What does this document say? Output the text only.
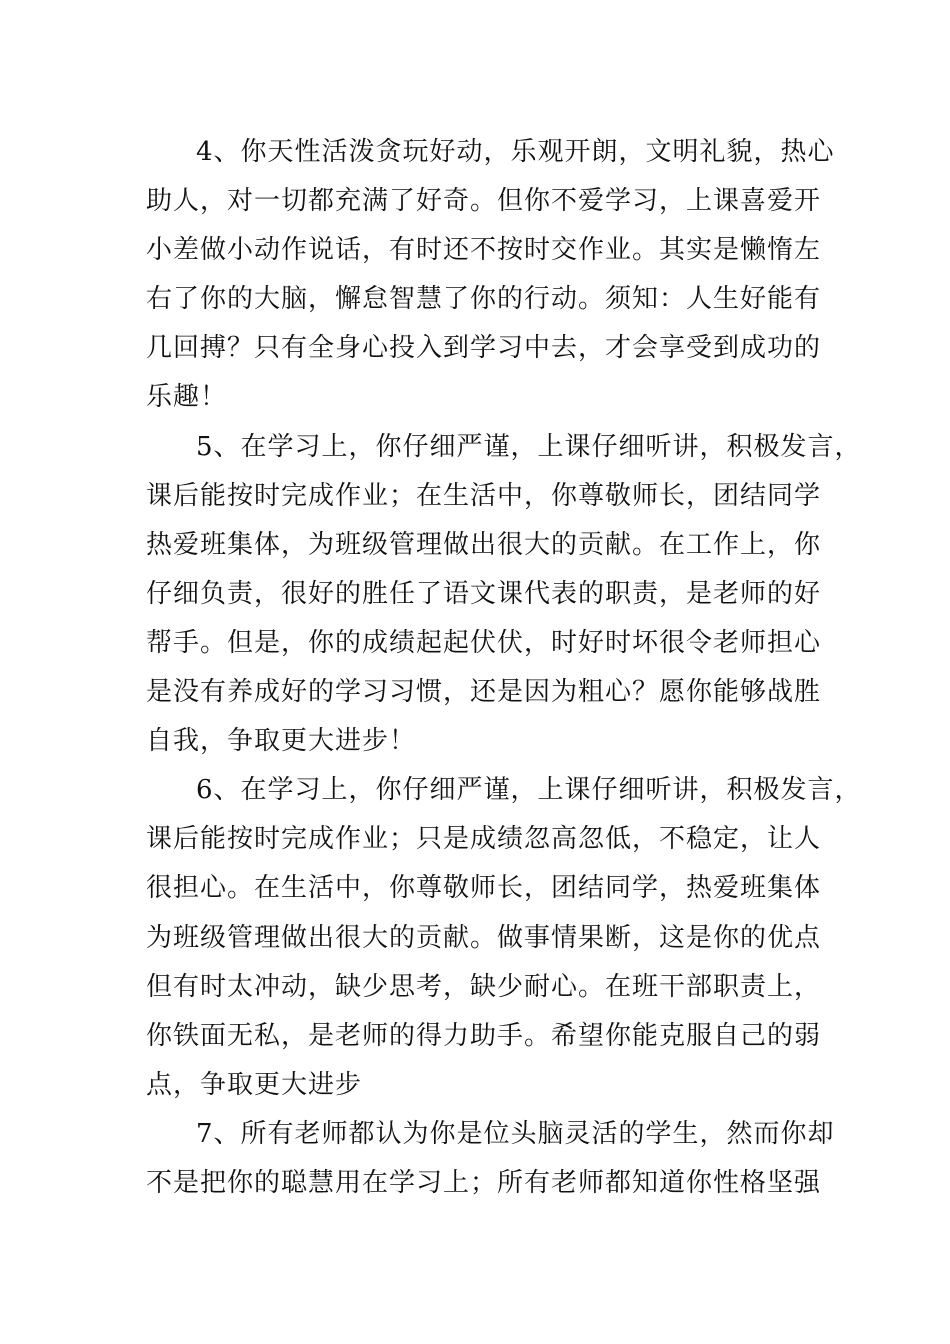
4、你天性活泼贪玩好动，乐观开朗，文明礼貌，热心
助人，对一切都充满了好奇。但你不爱学习，上课喜爱开
小差做小动作说话，有时还不按时交作业。其实是懒惰左
右了你的大脑，懈怠智慧了你的行动。须知：人生好能有
几回搏？只有全身心投入到学习中去，才会享受到成功的
乐趣！
5、在学习上，你仔细严谨，上课仔细听讲，积极发言，
课后能按时完成作业；在生活中，你尊敬师长，团结同学
热爱班集体，为班级管理做出很大的贡献。在工作上，你
仔细负责，很好的胜任了语文课代表的职责，是老师的好
帮手。但是，你的成绩起起伏伏，时好时坏很令老师担心
是没有养成好的学习习惯，还是因为粗心？愿你能够战胜
自我，争取更大进步！
6、在学习上，你仔细严谨，上课仔细听讲，积极发言，
课后能按时完成作业；只是成绩忽高忽低，不稳定，让人
很担心。在生活中，你尊敬师长，团结同学，热爱班集体
为班级管理做出很大的贡献。做事情果断，这是你的优点
但有时太冲动，缺少思考，缺少耐心。在班干部职责上，
你铁面无私，是老师的得力助手。希望你能克服自己的弱
点，争取更大进步
7、所有老师都认为你是位头脑灵活的学生，然而你却
不是把你的聪慧用在学习上；所有老师都知道你性格坚强
